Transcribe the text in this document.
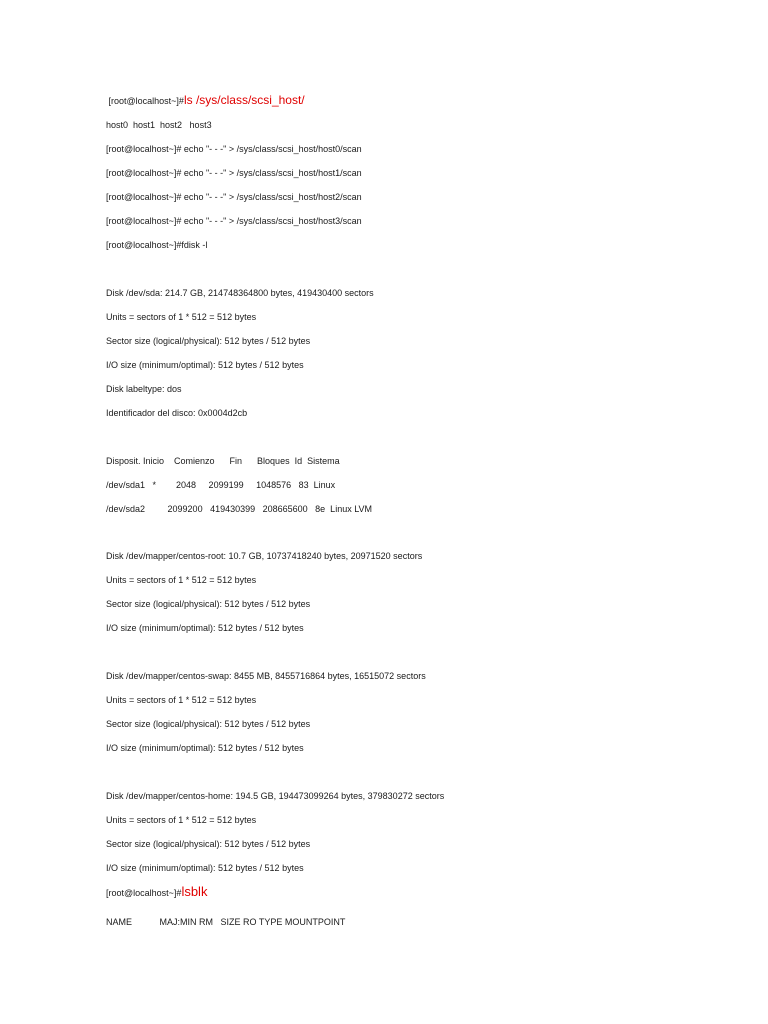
[root@localhost~]#ls /sys/class/scsi_host/
host0  host1  host2   host3
[root@localhost~]# echo "- - -" > /sys/class/scsi_host/host0/scan
[root@localhost~]# echo "- - -" > /sys/class/scsi_host/host1/scan
[root@localhost~]# echo "- - -" > /sys/class/scsi_host/host2/scan
[root@localhost~]# echo "- - -" > /sys/class/scsi_host/host3/scan
[root@localhost~]#fdisk -l
Disk /dev/sda: 214.7 GB, 214748364800 bytes, 419430400 sectors
Units = sectors of 1 * 512 = 512 bytes
Sector size (logical/physical): 512 bytes / 512 bytes
I/O size (minimum/optimal): 512 bytes / 512 bytes
Disk labeltype: dos
Identificador del disco: 0x0004d2cb
Disposit. Inicio    Comienzo      Fin      Bloques  Id  Sistema
/dev/sda1   *        2048     2099199     1048576   83  Linux
/dev/sda2         2099200   419430399   208665600   8e  Linux LVM
Disk /dev/mapper/centos-root: 10.7 GB, 10737418240 bytes, 20971520 sectors
Units = sectors of 1 * 512 = 512 bytes
Sector size (logical/physical): 512 bytes / 512 bytes
I/O size (minimum/optimal): 512 bytes / 512 bytes
Disk /dev/mapper/centos-swap: 8455 MB, 8455716864 bytes, 16515072 sectors
Units = sectors of 1 * 512 = 512 bytes
Sector size (logical/physical): 512 bytes / 512 bytes
I/O size (minimum/optimal): 512 bytes / 512 bytes
Disk /dev/mapper/centos-home: 194.5 GB, 194473099264 bytes, 379830272 sectors
Units = sectors of 1 * 512 = 512 bytes
Sector size (logical/physical): 512 bytes / 512 bytes
I/O size (minimum/optimal): 512 bytes / 512 bytes
[root@localhost~]#lsblk
NAME           MAJ:MIN RM   SIZE RO TYPE MOUNTPOINT
